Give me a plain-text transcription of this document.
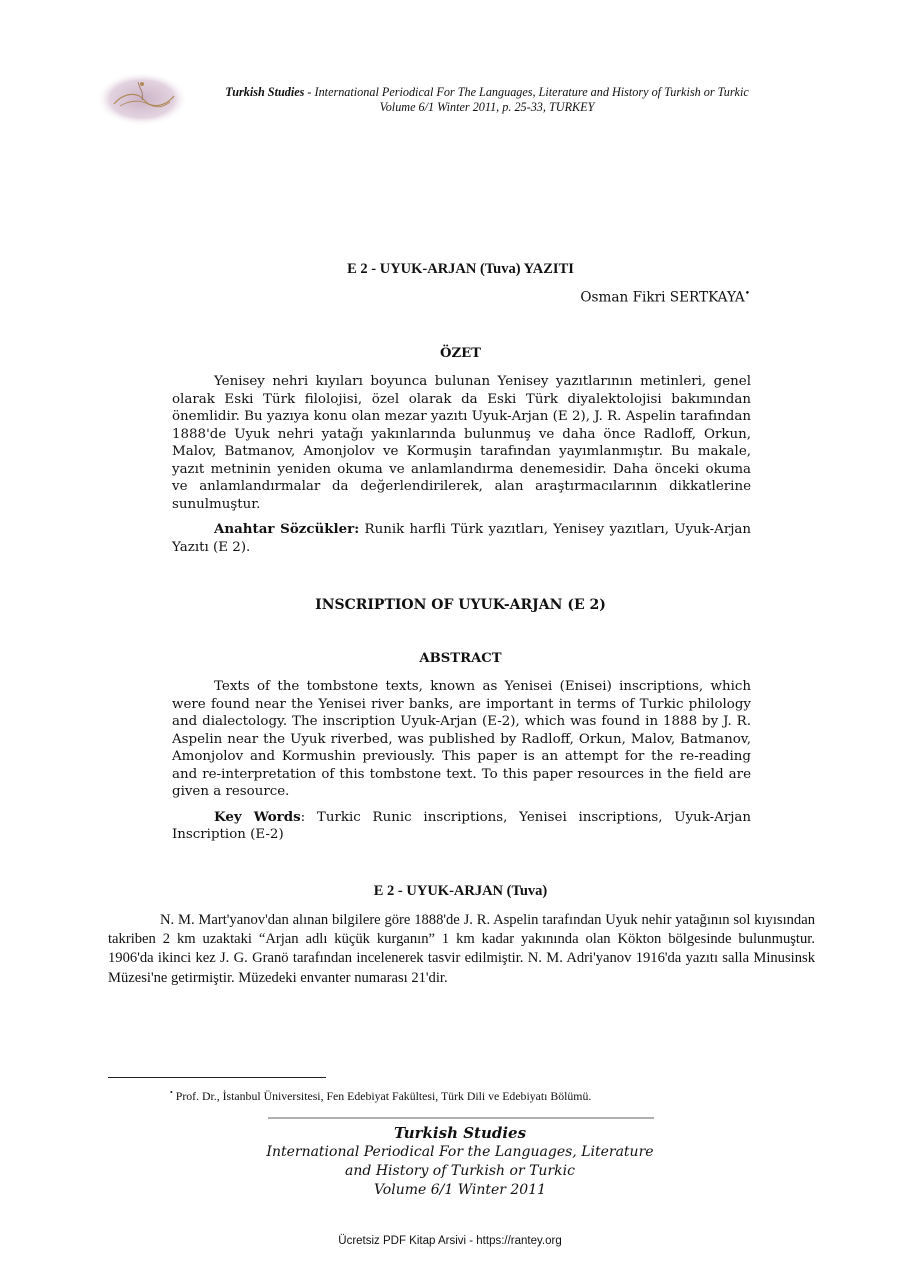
Turkish Studies - International Periodical For The Languages, Literature and History of Turkish or Turkic
Volume 6/1 Winter 2011, p. 25-33, TURKEY
E 2 - UYUK-ARJAN (Tuva) YAZITI
Osman Fikri SERTKAYA•
ÖZET

Yenisey nehri kıyıları boyunca bulunan Yenisey yazıtlarının metinleri, genel olarak Eski Türk filolojisi, özel olarak da Eski Türk diyalektolojisi bakımından önemlidir. Bu yazıya konu olan mezar yazıtı Uyuk-Arjan (E 2), J. R. Aspelin tarafından 1888'de Uyuk nehri yatağı yakınlarında bulunmuş ve daha önce Radloff, Orkun, Malov, Batmanov, Amonjolov ve Kormuşin tarafından yayımlanmıştır. Bu makale, yazıt metninin yeniden okuma ve anlamlandırma denemesidir. Daha önceki okuma ve anlamlandırmalar da değerlendirilerek, alan araştırmacılarının dikkatlerine sunulmuştur.

Anahtar Sözcükler: Runik harfli Türk yazıtları, Yenisey yazıtları, Uyuk-Arjan Yazıtı (E 2).

INSCRIPTION OF UYUK-ARJAN (E 2)
ABSTRACT

Texts of the tombstone texts, known as Yenisei (Enisei) inscriptions, which were found near the Yenisei river banks, are important in terms of Turkic philology and dialectology. The inscription Uyuk-Arjan (E-2), which was found in 1888 by J. R. Aspelin near the Uyuk riverbed, was published by Radloff, Orkun, Malov, Batmanov, Amonjolov and Kormushin previously. This paper is an attempt for the re-reading and re-interpretation of this tombstone text. To this paper resources in the field are given a resource.

Key Words: Turkic Runic inscriptions, Yenisei inscriptions, Uyuk-Arjan Inscription (E-2)

E 2 - UYUK-ARJAN (Tuva)

N. M. Mart'yanov'dan alınan bilgilere göre 1888'de J. R. Aspelin tarafından Uyuk nehir yatağının sol kıyısından takriben 2 km uzaktaki “Arjan adlı küçük kurganın” 1 km kadar yakınında olan Kökton bölgesinde bulunmuştur. 1906'da ikinci kez J. G. Granö tarafından incelenerek tasvir edilmiştir. N. M. Adri'yanov 1916'da yazıtı salla Minusinsk Müzesi'ne getirmiştir. Müzedeki envanter numarası 21'dir.

• Prof. Dr., İstanbul Üniversitesi, Fen Edebiyat Fakültesi, Türk Dili ve Edebiyatı Bölümü.
Turkish Studies
International Periodical For the Languages, Literature
and History of Turkish or Turkic
Volume 6/1 Winter 2011
Ücretsiz PDF Kitap Arsivi - https://rantey.org
